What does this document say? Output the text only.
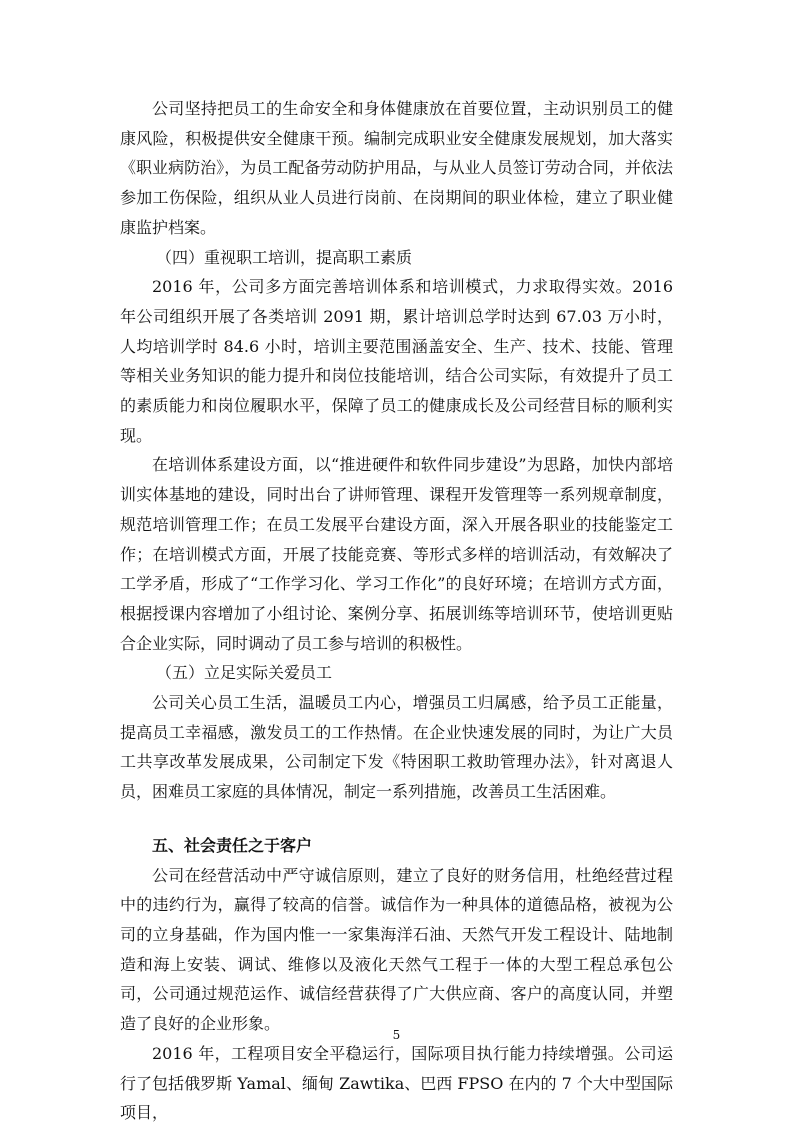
公司坚持把员工的生命安全和身体健康放在首要位置，主动识别员工的健康风险，积极提供安全健康干预。编制完成职业安全健康发展规划，加大落实《职业病防治》，为员工配备劳动防护用品，与从业人员签订劳动合同，并依法参加工伤保险，组织从业人员进行岗前、在岗期间的职业体检，建立了职业健康监护档案。

（四）重视职工培训，提高职工素质

2016 年，公司多方面完善培训体系和培训模式，力求取得实效。2016 年公司组织开展了各类培训 2091 期，累计培训总学时达到 67.03 万小时，人均培训学时 84.6 小时，培训主要范围涵盖安全、生产、技术、技能、管理等相关业务知识的能力提升和岗位技能培训，结合公司实际，有效提升了员工的素质能力和岗位履职水平，保障了员工的健康成长及公司经营目标的顺利实现。

在培训体系建设方面，以“推进硬件和软件同步建设”为思路，加快内部培训实体基地的建设，同时出台了讲师管理、课程开发管理等一系列规章制度，规范培训管理工作；在员工发展平台建设方面，深入开展各职业的技能鉴定工作；在培训模式方面，开展了技能竞赛、等形式多样的培训活动，有效解决了工学矛盾，形成了“工作学习化、学习工作化”的良好环境；在培训方式方面，根据授课内容增加了小组讨论、案例分享、拓展训练等培训环节，使培训更贴合企业实际，同时调动了员工参与培训的积极性。

（五）立足实际关爱员工

公司关心员工生活，温暖员工内心，增强员工归属感，给予员工正能量，提高员工幸福感，激发员工的工作热情。在企业快速发展的同时，为让广大员工共享改革发展成果，公司制定下发《特困职工救助管理办法》，针对离退人员，困难员工家庭的具体情况，制定一系列措施，改善员工生活困难。

五、社会责任之于客户

公司在经营活动中严守诚信原则，建立了良好的财务信用，杜绝经营过程中的违约行为，赢得了较高的信誉。诚信作为一种具体的道德品格，被视为公司的立身基础，作为国内惟一一家集海洋石油、天然气开发工程设计、陆地制造和海上安装、调试、维修以及液化天然气工程于一体的大型工程总承包公司，公司通过规范运作、诚信经营获得了广大供应商、客户的高度认同，并塑造了良好的企业形象。

2016 年，工程项目安全平稳运行，国际项目执行能力持续增强。公司运行了包括俄罗斯 Yamal、缅甸 Zawtika、巴西 FPSO 在内的 7 个大中型国际项目，

5
